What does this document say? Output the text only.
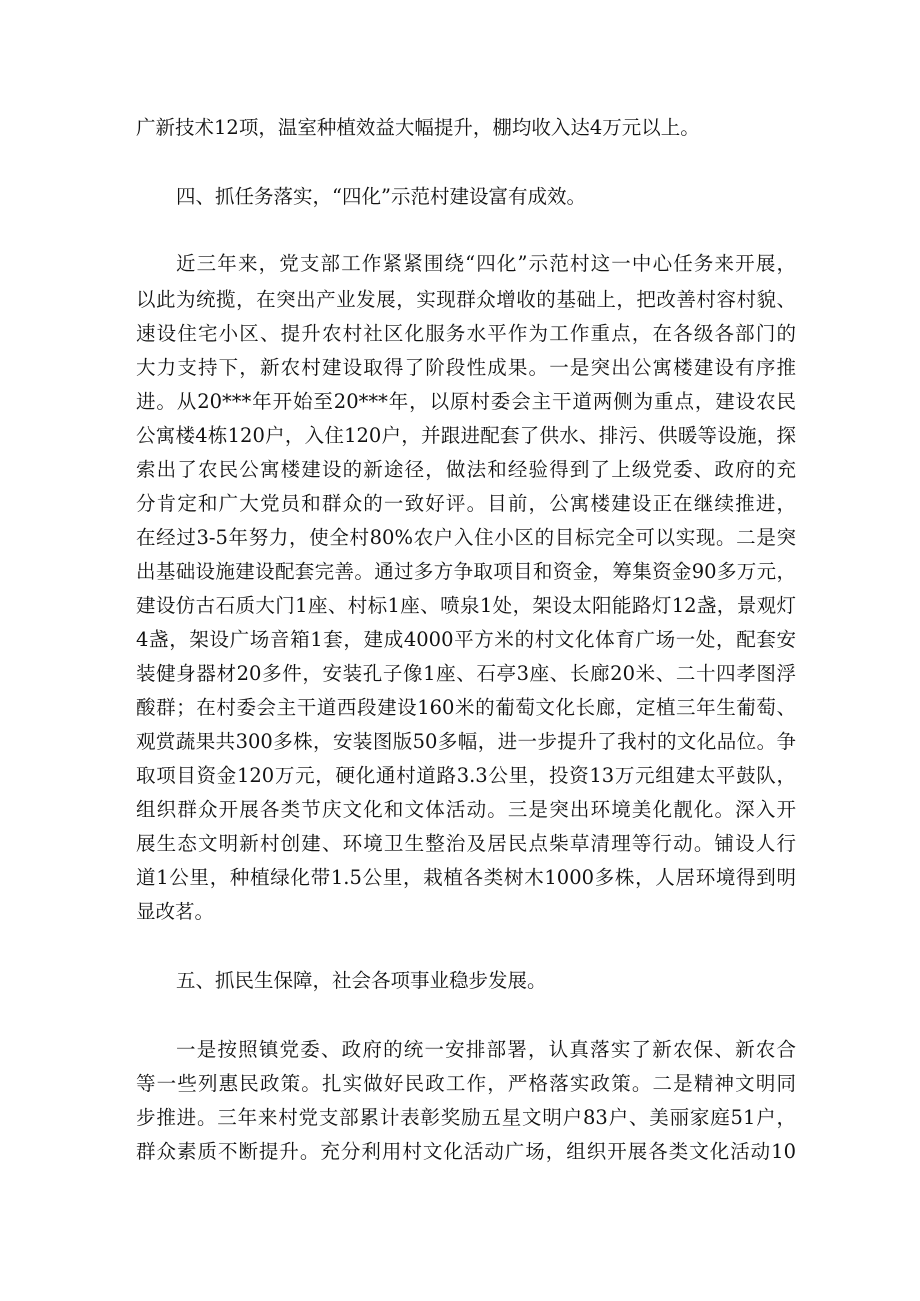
广新技术12项，温室种植效益大幅提升，棚均收入达4万元以上。
四、抓任务落实，“四化”示范村建设富有成效。
近三年来，党支部工作紧紧围绕“四化”示范村这一中心任务来开展，
以此为统揽，在突出产业发展，实现群众增收的基础上，把改善村容村貌、
速设住宅小区、提升农村社区化服务水平作为工作重点，在各级各部门的
大力支持下，新农村建设取得了阶段性成果。一是突出公寓楼建设有序推
进。从20***年开始至20***年，以原村委会主干道两侧为重点，建设农民
公寓楼4栋120户，入住120户，并跟进配套了供水、排污、供暖等设施，探
索出了农民公寓楼建设的新途径，做法和经验得到了上级党委、政府的充
分肯定和广大党员和群众的一致好评。目前，公寓楼建设正在继续推进，
在经过3-5年努力，使全村80%农户入住小区的目标完全可以实现。二是突
出基础设施建设配套完善。通过多方争取项目和资金，筹集资金90多万元，
建设仿古石质大门1座、村标1座、喷泉1处，架设太阳能路灯12盏，景观灯
4盏，架设广场音箱1套，建成4000平方米的村文化体育广场一处，配套安
装健身器材20多件，安装孔子像1座、石亭3座、长廊20米、二十四孝图浮
酸群；在村委会主干道西段建设160米的葡萄文化长廊，定植三年生葡萄、
观赏蔬果共300多株，安装图版50多幅，进一步提升了我村的文化品位。争
取项目资金120万元，硬化通村道路3.3公里，投资13万元组建太平鼓队，
组织群众开展各类节庆文化和文体活动。三是突出环境美化靓化。深入开
展生态文明新村创建、环境卫生整治及居民点柴草清理等行动。铺设人行
道1公里，种植绿化带1.5公里，栽植各类树木1000多株，人居环境得到明
显改茗。
五、抓民生保障，社会各项事业稳步发展。
一是按照镇党委、政府的统一安排部署，认真落实了新农保、新农合
等一些列惠民政策。扎实做好民政工作，严格落实政策。二是精神文明同
步推进。三年来村党支部累计表彰奖励五星文明户83户、美丽家庭51户，
群众素质不断提升。充分利用村文化活动广场，组织开展各类文化活动10
